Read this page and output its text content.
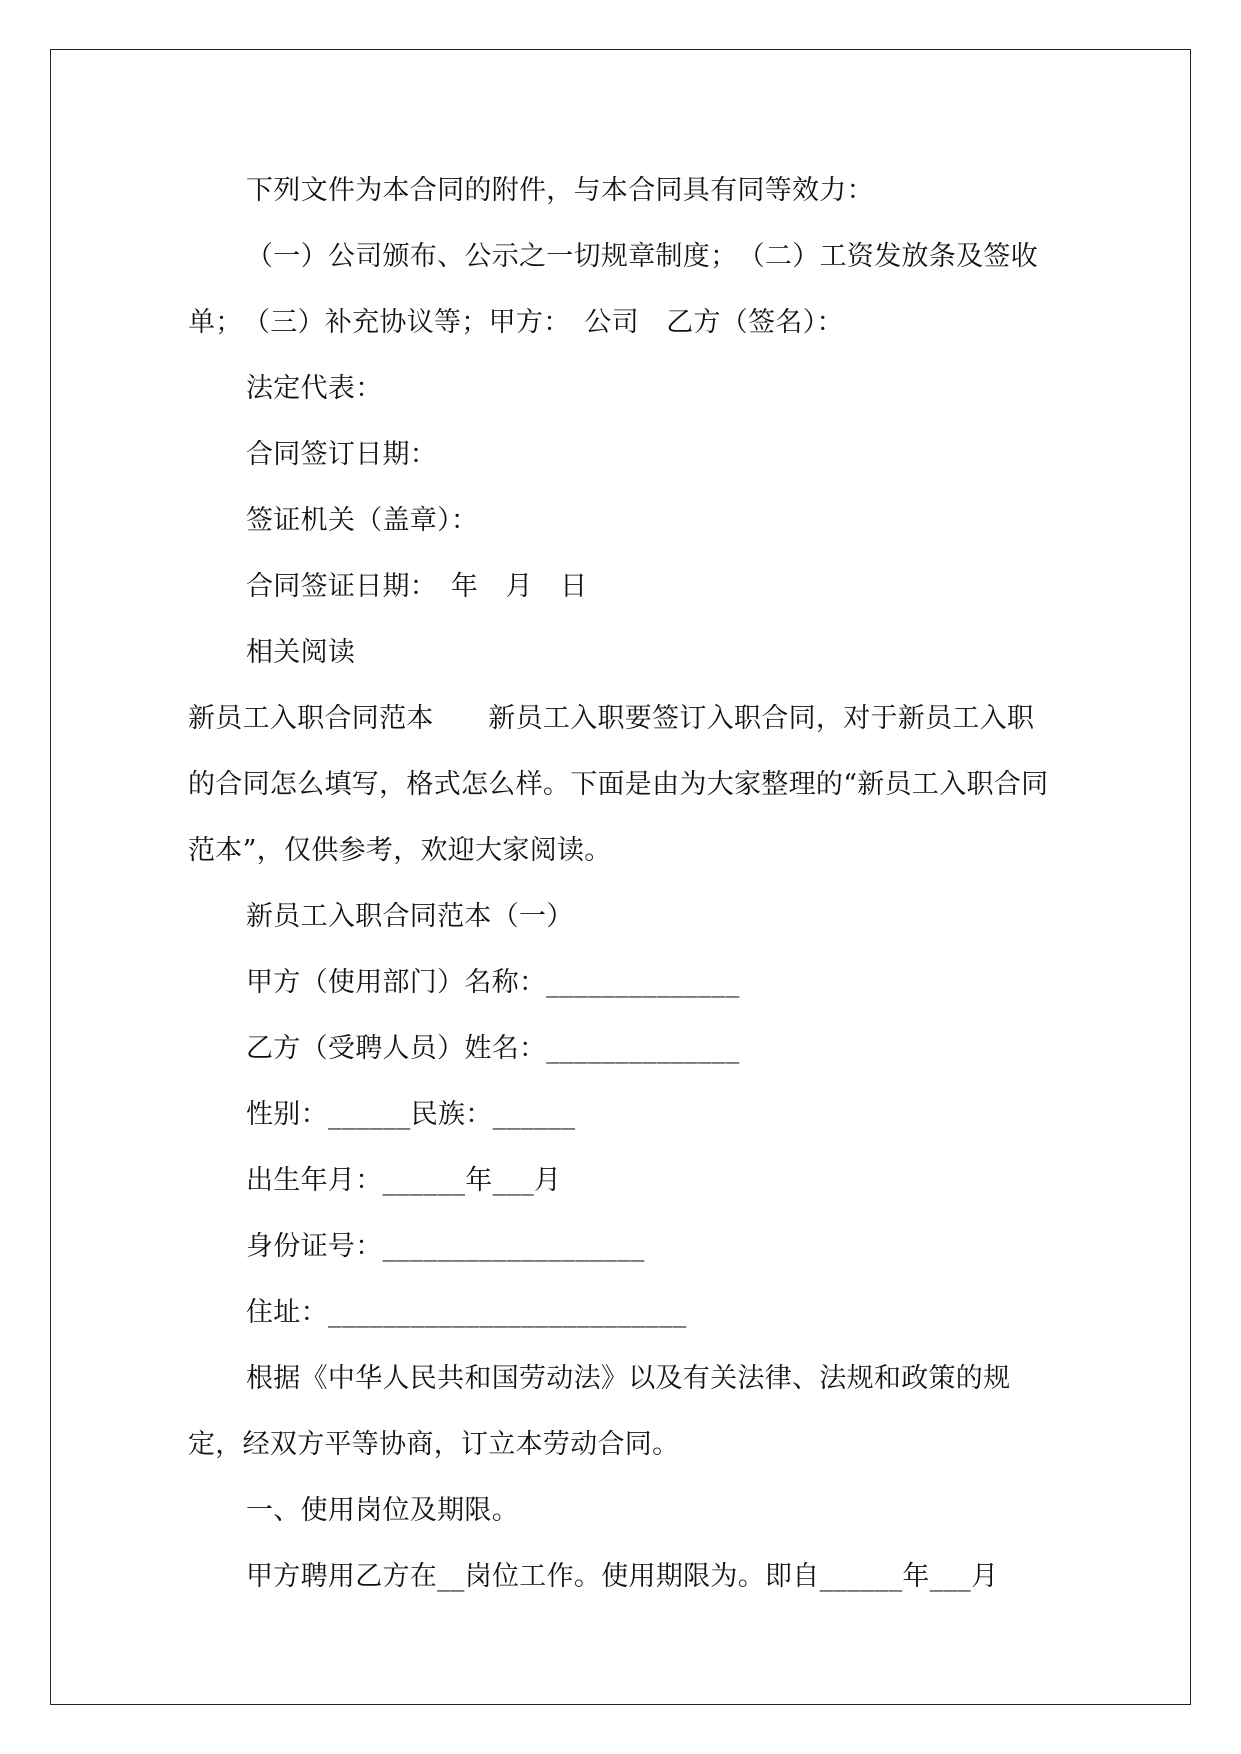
下列文件为本合同的附件，与本合同具有同等效力：

（一）公司颁布、公示之一切规章制度；　（二）工资发放条及签收单；　（三）补充协议等；甲方：　公司　乙方（签名）：

法定代表：

合同签订日期：

签证机关（盖章）：

合同签证日期：　年　月　日

相关阅读

新员工入职合同范本　　新员工入职要签订入职合同，对于新员工入职的合同怎么填写，格式怎么样。下面是由为大家整理的“新员工入职合同范本”，仅供参考，欢迎大家阅读。

新员工入职合同范本（一）

甲方（使用部门）名称：______________

乙方（受聘人员）姓名：______________

性别：______民族：______

出生年月：______年___月

身份证号：___________________

住址：__________________________

根据《中华人民共和国劳动法》以及有关法律、法规和政策的规定，经双方平等协商，订立本劳动合同。

一、使用岗位及期限。

甲方聘用乙方在__岗位工作。使用期限为。即自______年___月
